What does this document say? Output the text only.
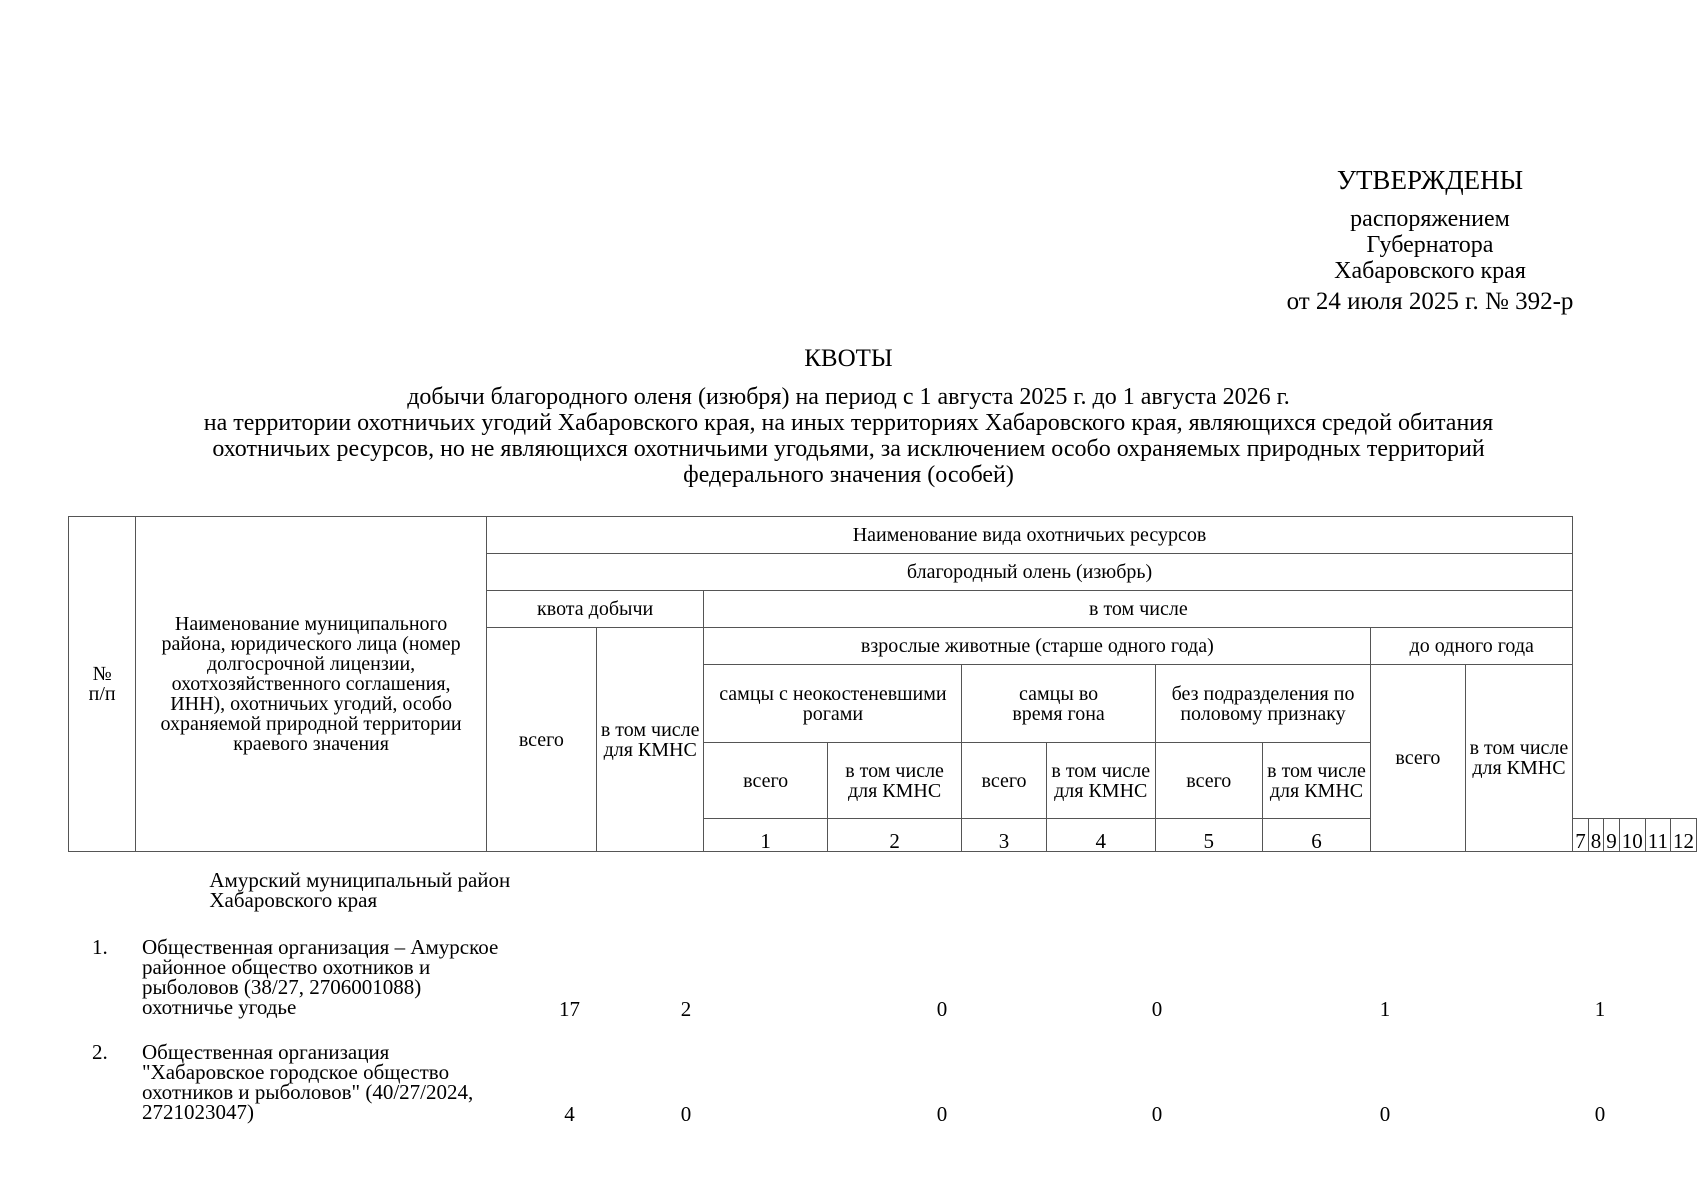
УТВЕРЖДЕНЫ
распоряжением
Губернатора
Хабаровского края
от 24 июля 2025 г. № 392-р
КВОТЫ
добычи благородного оленя (изюбря) на период с 1 августа 2025 г. до 1 августа 2026 г.
на территории охотничьих угодий Хабаровского края, на иных территориях Хабаровского края, являющихся средой обитания
охотничьих ресурсов, но не являющихся охотничьими угодьями, за исключением особо охраняемых природных территорий
федерального значения (особей)
№ п/п	Наименование муниципального района, юридического лица (номер долгосрочной лицензии, охотхозяйственного соглашения, ИНН), охотничьих угодий, особо охраняемой природной территории краевого значения	Наименование вида охотничьих ресурсов															
		благородный олень (изюбрь)															
		квота добычи		в том числе													
		всего	в том числе для КМНС	взрослые животные (старше одного года)						до одного года							
				самцы с неокостеневшими рогами		самцы во время гона		без подразделения по половому признаку		всего	в том числе для КМНС						
				всего	в том числе для КМНС	всего	в том числе для КМНС	всего	в том числе для КМНС								
				1	2	3	4	5	6			7	8	9	10	11	12
	Амурский муниципальный район Хабаровского края
1.	Общественная организация – Амурское районное общество охотников и рыболовов (38/27, 2706001088) охотничье угодье	17	2	0	0	1	1
2.	Общественная организация "Хабаровское городское общество охотников и рыболовов" (40/27/2024, 2721023047)	4	0	0	0	0	0
